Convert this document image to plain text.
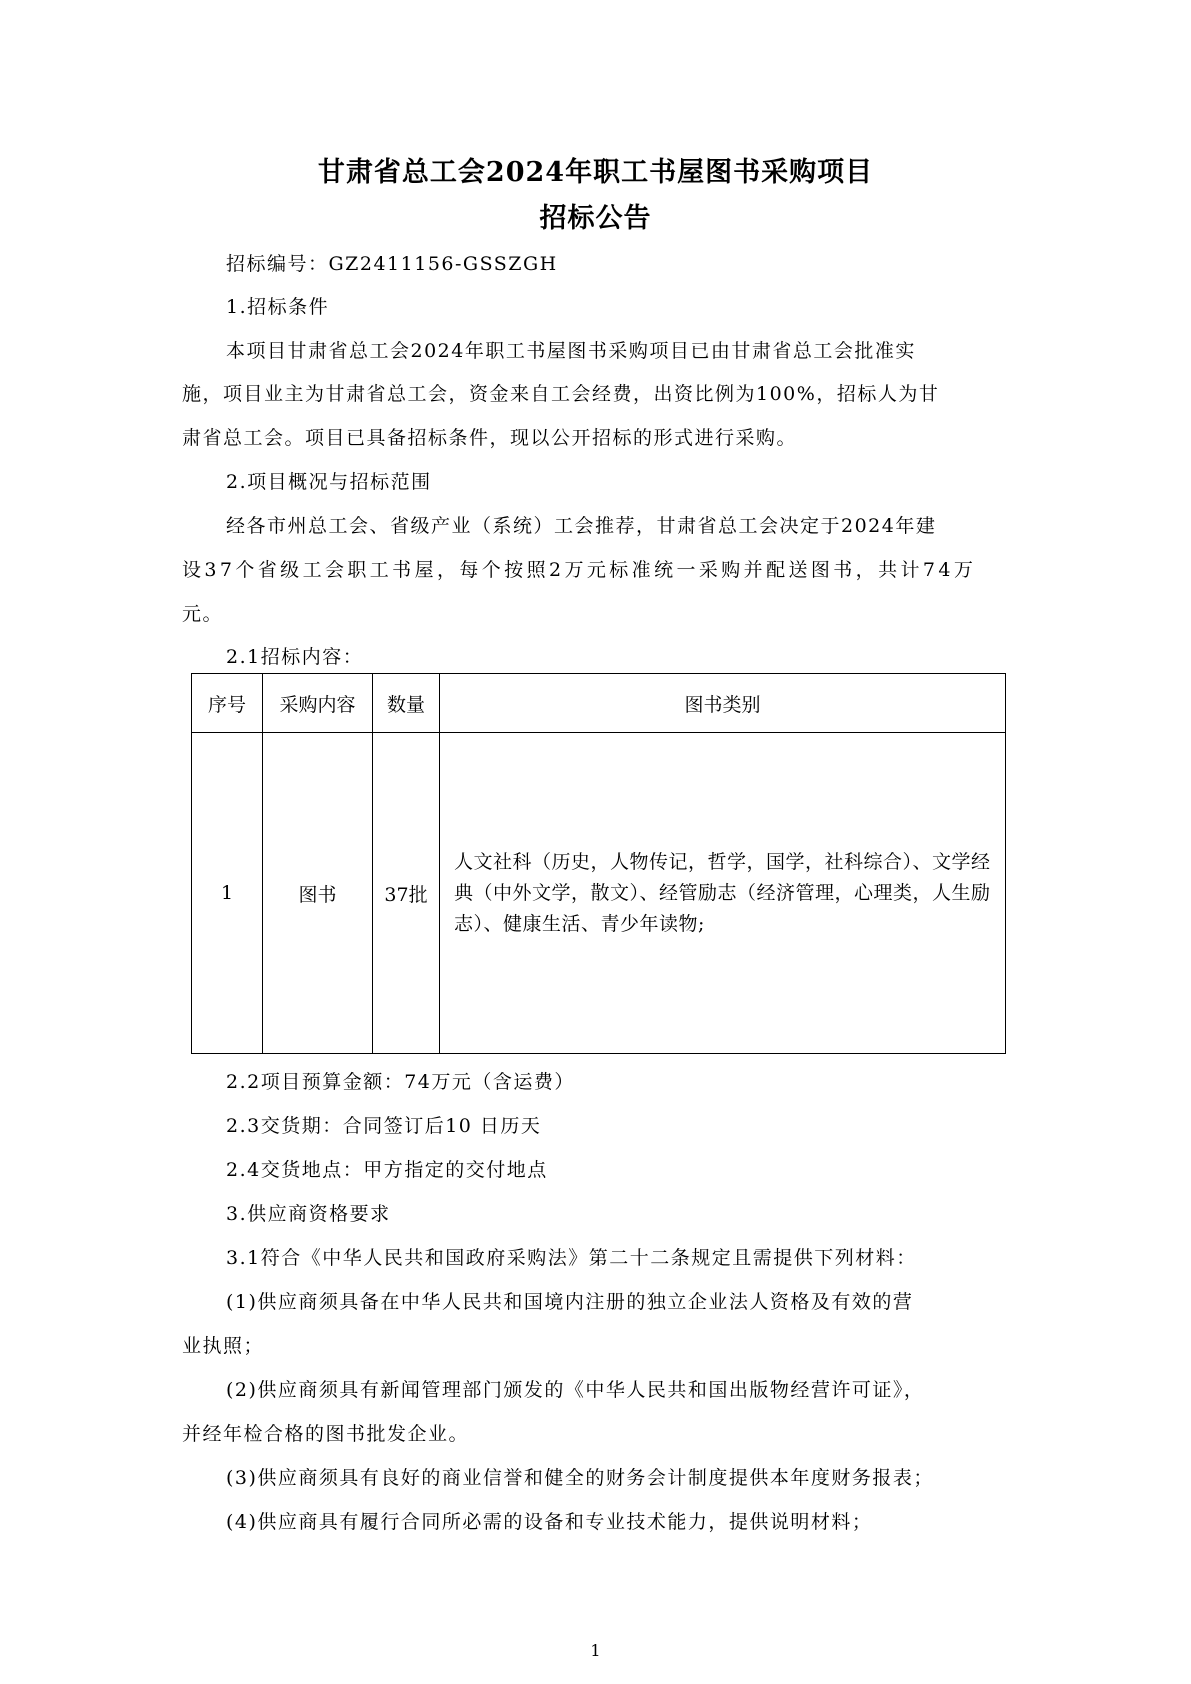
甘肃省总工会2024年职工书屋图书采购项目
招标公告
招标编号：GZ2411156-GSSZGH
1.招标条件
本项目甘肃省总工会2024年职工书屋图书采购项目已由甘肃省总工会批准实
施，项目业主为甘肃省总工会，资金来自工会经费，出资比例为100%，招标人为甘
肃省总工会。项目已具备招标条件，现以公开招标的形式进行采购。
2.项目概况与招标范围
经各市州总工会、省级产业（系统）工会推荐，甘肃省总工会决定于2024年建
设37个省级工会职工书屋，每个按照2万元标准统一采购并配送图书，共计74万
元。
2.1招标内容：
序号	采购内容	数量	图书类别
1	图书	37批	人文社科（历史，人物传记，哲学，国学，社科综合）、文学经典（中外文学，散文）、经管励志（经济管理，心理类，人生励志）、健康生活、青少年读物;
2.2项目预算金额：74万元（含运费）
2.3交货期：合同签订后10 日历天
2.4交货地点：甲方指定的交付地点
3.供应商资格要求
3.1符合《中华人民共和国政府采购法》第二十二条规定且需提供下列材料：
(1)供应商须具备在中华人民共和国境内注册的独立企业法人资格及有效的营
业执照；
(2)供应商须具有新闻管理部门颁发的《中华人民共和国出版物经营许可证》，
并经年检合格的图书批发企业。
(3)供应商须具有良好的商业信誉和健全的财务会计制度提供本年度财务报表；
(4)供应商具有履行合同所必需的设备和专业技术能力，提供说明材料；
1
